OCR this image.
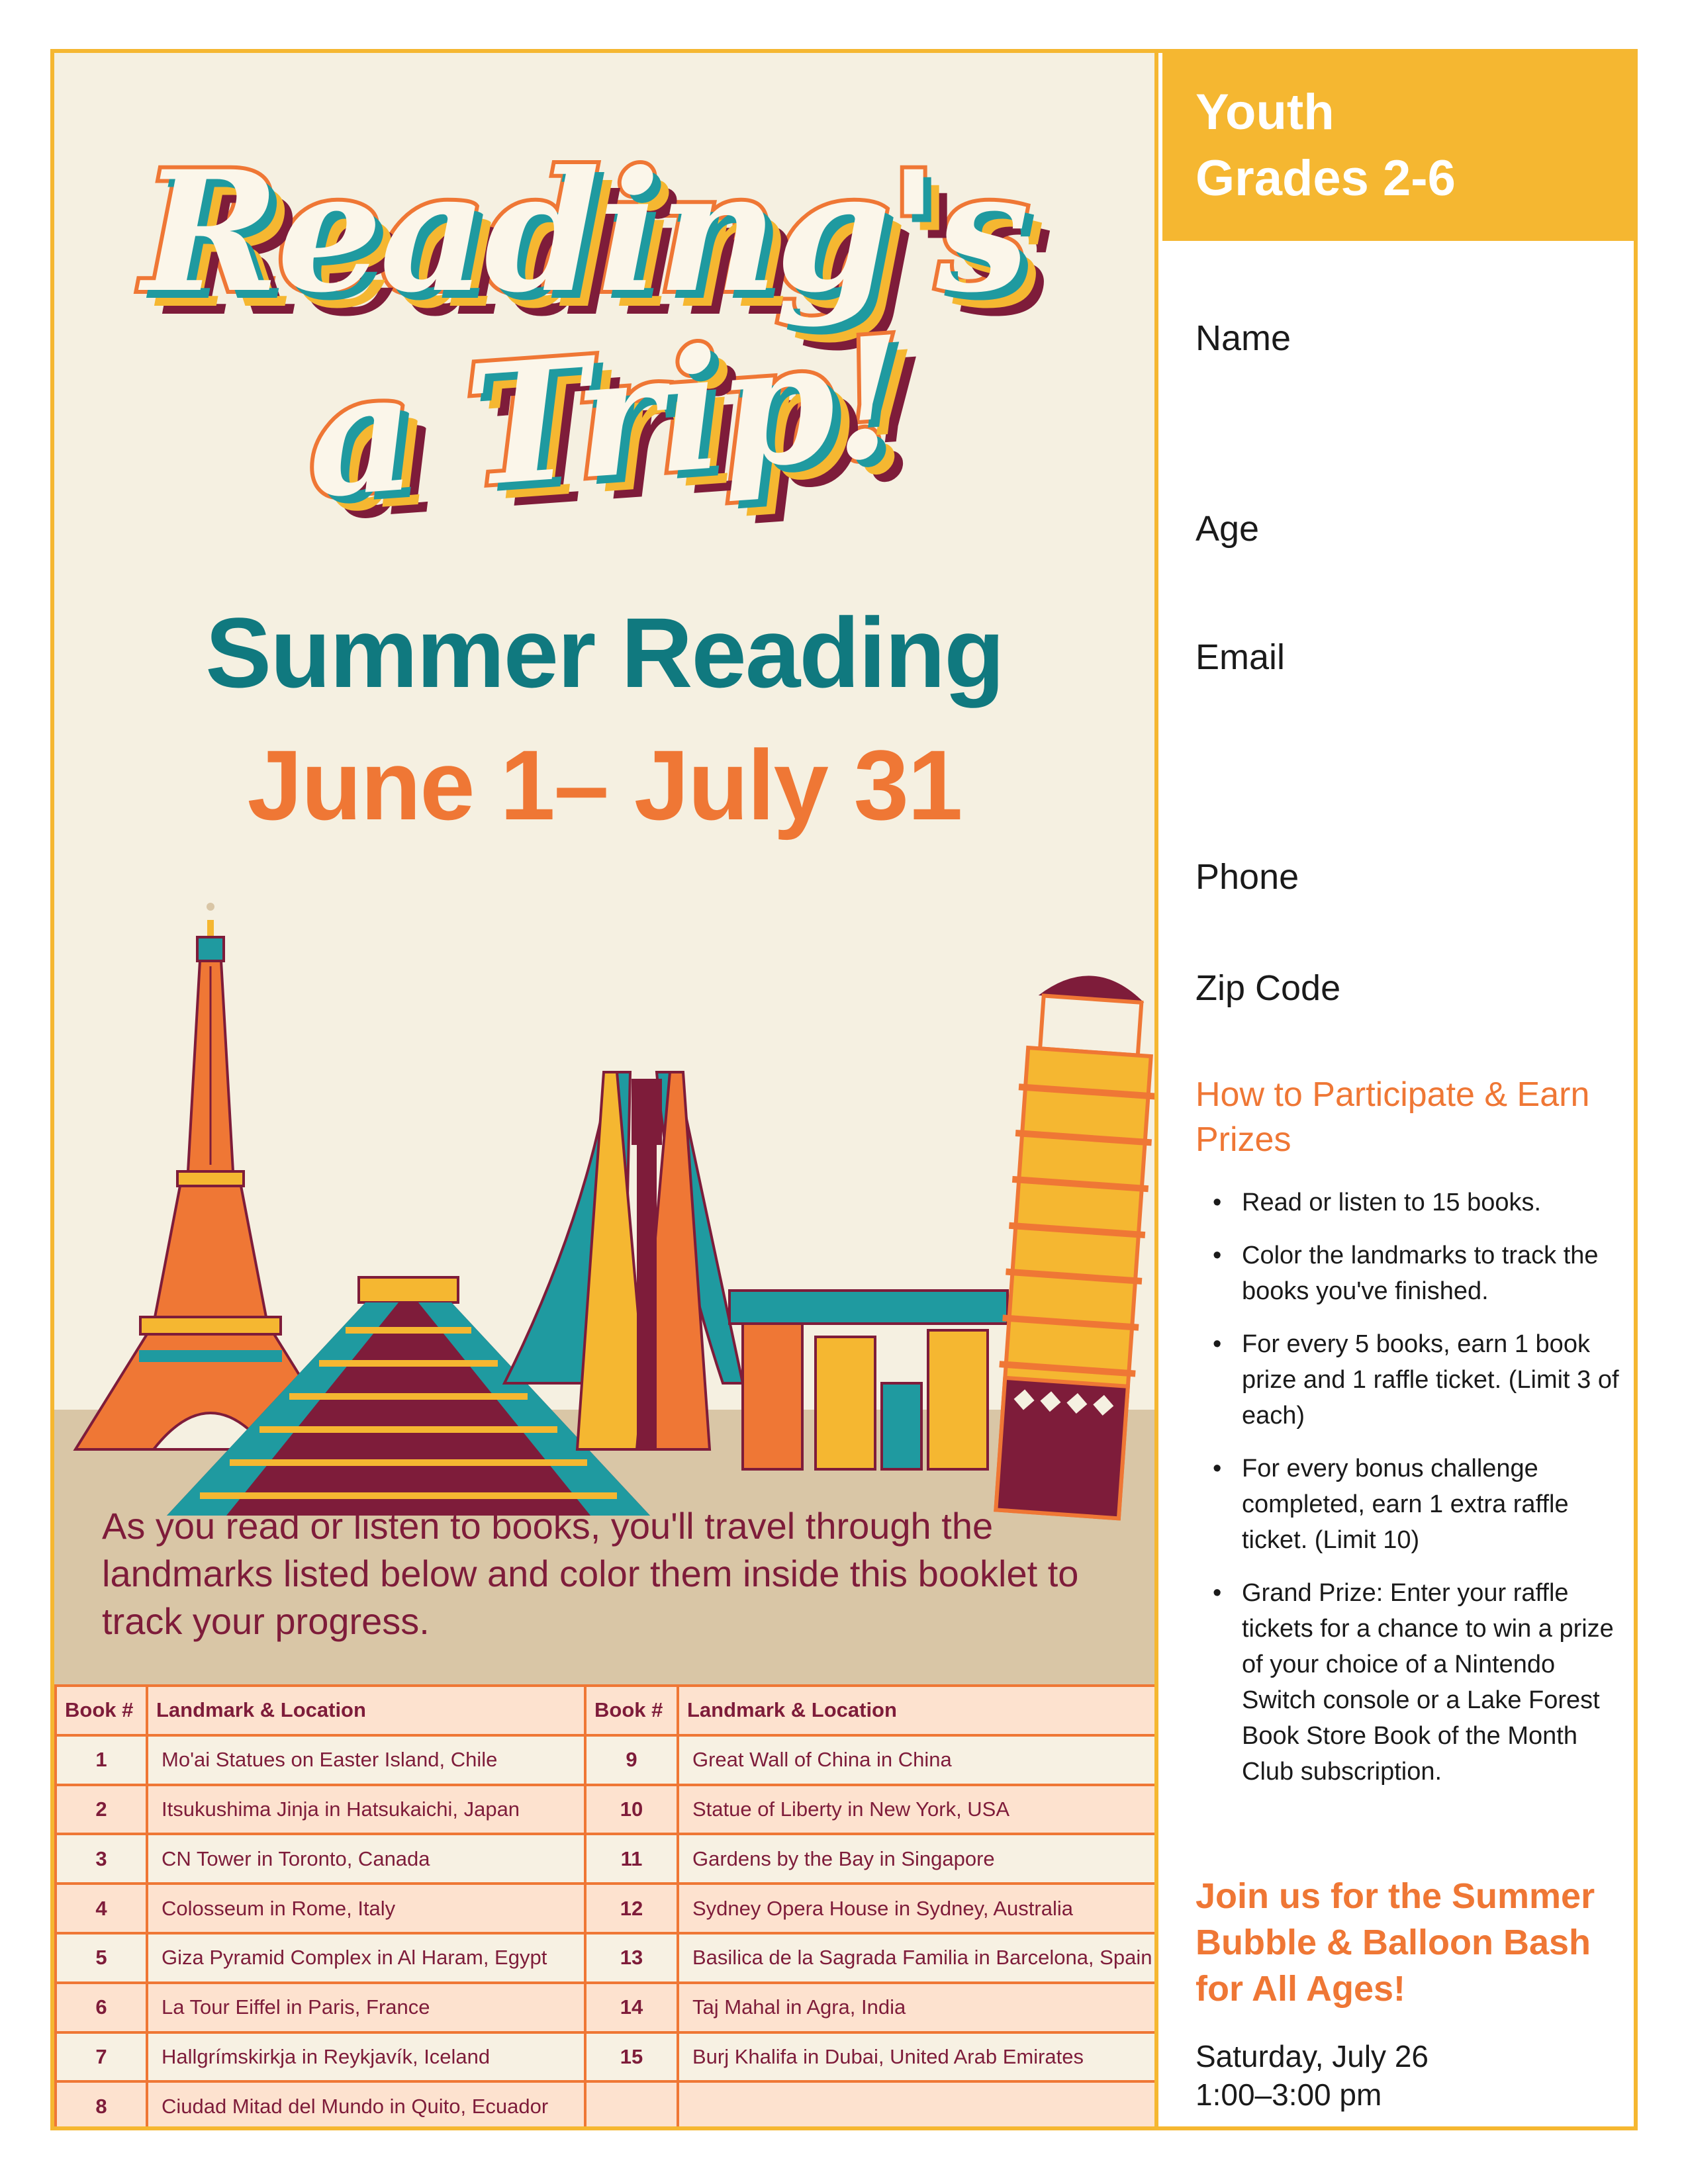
Reading's
a Trip!
Summer Reading
June 1– July 31
As you read or listen to books, you'll travel through the landmarks listed below and color them inside this booklet to track your progress.
Book #	Landmark & Location	Book #	Landmark & Location
1	Mo'ai Statues on Easter Island, Chile	9	Great Wall of China in China
2	Itsukushima Jinja in Hatsukaichi, Japan	10	Statue of Liberty in New York, USA
3	CN Tower in Toronto, Canada	11	Gardens by the Bay in Singapore
4	Colosseum in Rome, Italy	12	Sydney Opera House in Sydney, Australia
5	Giza Pyramid Complex in Al Haram, Egypt	13	Basilica de la Sagrada Familia in Barcelona, Spain
6	La Tour Eiffel in Paris, France	14	Taj Mahal in Agra, India
7	Hallgrímskirkja in Reykjavík, Iceland	15	Burj Khalifa in Dubai, United Arab Emirates
8	Ciudad Mitad del Mundo in Quito, Ecuador		
Youth
Grades 2-6
Name
Age
Email
Phone
Zip Code
How to Participate & Earn Prizes
• Read or listen to 15 books.
• Color the landmarks to track the books you've finished.
• For every 5 books, earn 1 book prize and 1 raffle ticket. (Limit 3 of each)
• For every bonus challenge completed, earn 1 extra raffle ticket. (Limit 10)
• Grand Prize: Enter your raffle tickets for a chance to win a prize of your choice of a Nintendo Switch console or a Lake Forest Book Store Book of the Month Club subscription.
Join us for the Summer Bubble & Balloon Bash for All Ages!
Saturday, July 26
1:00–3:00 pm
